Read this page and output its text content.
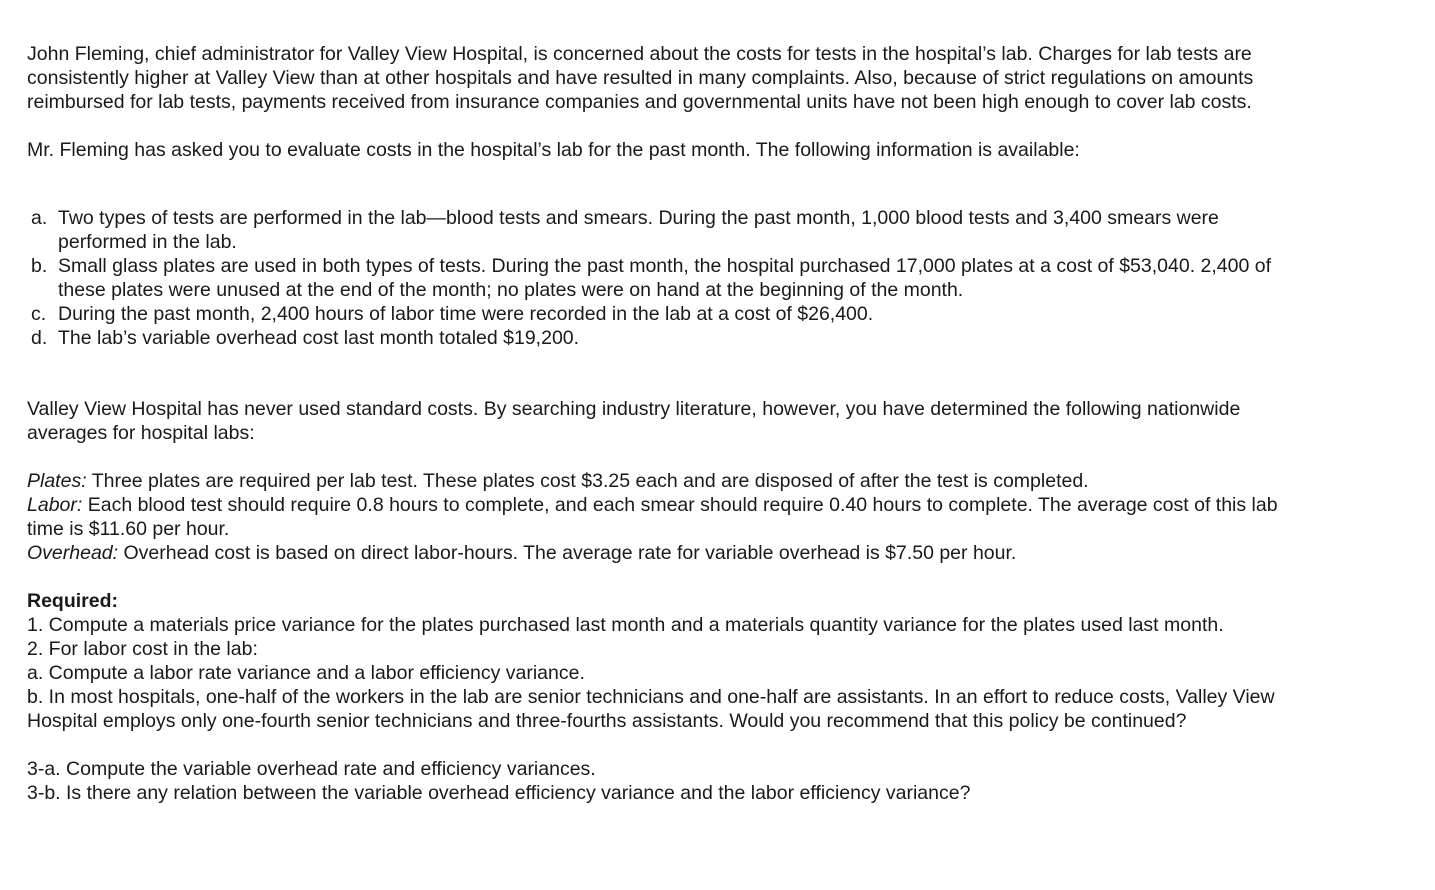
John Fleming, chief administrator for Valley View Hospital, is concerned about the costs for tests in the hospital’s lab. Charges for lab tests are consistently higher at Valley View than at other hospitals and have resulted in many complaints. Also, because of strict regulations on amounts reimbursed for lab tests, payments received from insurance companies and governmental units have not been high enough to cover lab costs.

Mr. Fleming has asked you to evaluate costs in the hospital’s lab for the past month. The following information is available:

a. Two types of tests are performed in the lab—blood tests and smears. During the past month, 1,000 blood tests and 3,400 smears were performed in the lab.
b. Small glass plates are used in both types of tests. During the past month, the hospital purchased 17,000 plates at a cost of $53,040. 2,400 of these plates were unused at the end of the month; no plates were on hand at the beginning of the month.
c. During the past month, 2,400 hours of labor time were recorded in the lab at a cost of $26,400.
d. The lab’s variable overhead cost last month totaled $19,200.

Valley View Hospital has never used standard costs. By searching industry literature, however, you have determined the following nationwide averages for hospital labs:

Plates: Three plates are required per lab test. These plates cost $3.25 each and are disposed of after the test is completed.

Labor: Each blood test should require 0.8 hours to complete, and each smear should require 0.40 hours to complete. The average cost of this lab time is $11.60 per hour.

Overhead: Overhead cost is based on direct labor-hours. The average rate for variable overhead is $7.50 per hour.

Required:

1. Compute a materials price variance for the plates purchased last month and a materials quantity variance for the plates used last month.

2. For labor cost in the lab:

a. Compute a labor rate variance and a labor efficiency variance.

b. In most hospitals, one-half of the workers in the lab are senior technicians and one-half are assistants. In an effort to reduce costs, Valley View Hospital employs only one-fourth senior technicians and three-fourths assistants. Would you recommend that this policy be continued?

3-a. Compute the variable overhead rate and efficiency variances.

3-b. Is there any relation between the variable overhead efficiency variance and the labor efficiency variance?
